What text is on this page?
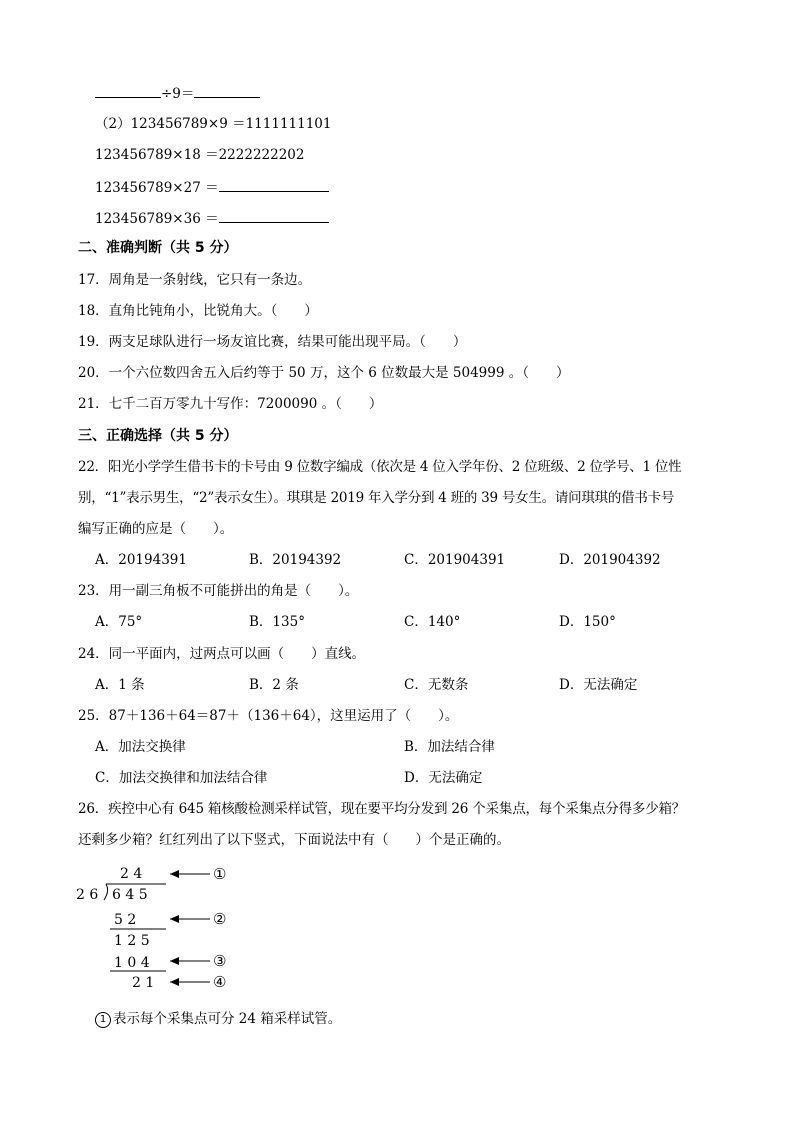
÷9＝
（2）123456789×9 ＝1111111101
123456789×18 ＝2222222202
123456789×27 ＝
123456789×36 ＝
二、准确判断（共 5 分）
17．周角是一条射线，它只有一条边。
18．直角比钝角小，比锐角大。（　　）
19．两支足球队进行一场友谊比赛，结果可能出现平局。（　　）
20．一个六位数四舍五入后约等于 50 万，这个 6 位数最大是 504999 。（　　）
21．七千二百万零九十写作：7200090 。（　　）
三、正确选择（共 5 分）
22．阳光小学学生借书卡的卡号由 9 位数字编成（依次是 4 位入学年份、2 位班级、2 位学号、1 位性
别，“1”表示男生，“2”表示女生）。琪琪是 2019 年入学分到 4 班的 39 号女生。请问琪琪的借书卡号
编写正确的应是（　　）。
A．20194391	B．20194392	C．201904391	D．201904392
23．用一副三角板不可能拼出的角是（　　）。
A．75°	B．135°	C．140°	D．150°
24．同一平面内，过两点可以画（　　）直线。
A．1 条	B．2 条	C．无数条	D．无法确定
25．87＋136＋64＝87＋（136＋64），这里运用了（　　）。
A．加法交换律	B．加法结合律
C．加法交换律和加法结合律	D．无法确定
26．疾控中心有 645 箱核酸检测采样试管，现在要平均分发到 26 个采集点，每个采集点分得多少箱？
还剩多少箱？红红列出了以下竖式，下面说法中有（　　）个是正确的。
2 4
2 6 6 4 5
5 2
1 2 5
1 0 4
2 1
①
②
③
④
1 表示每个采集点可分 24 箱采样试管。
